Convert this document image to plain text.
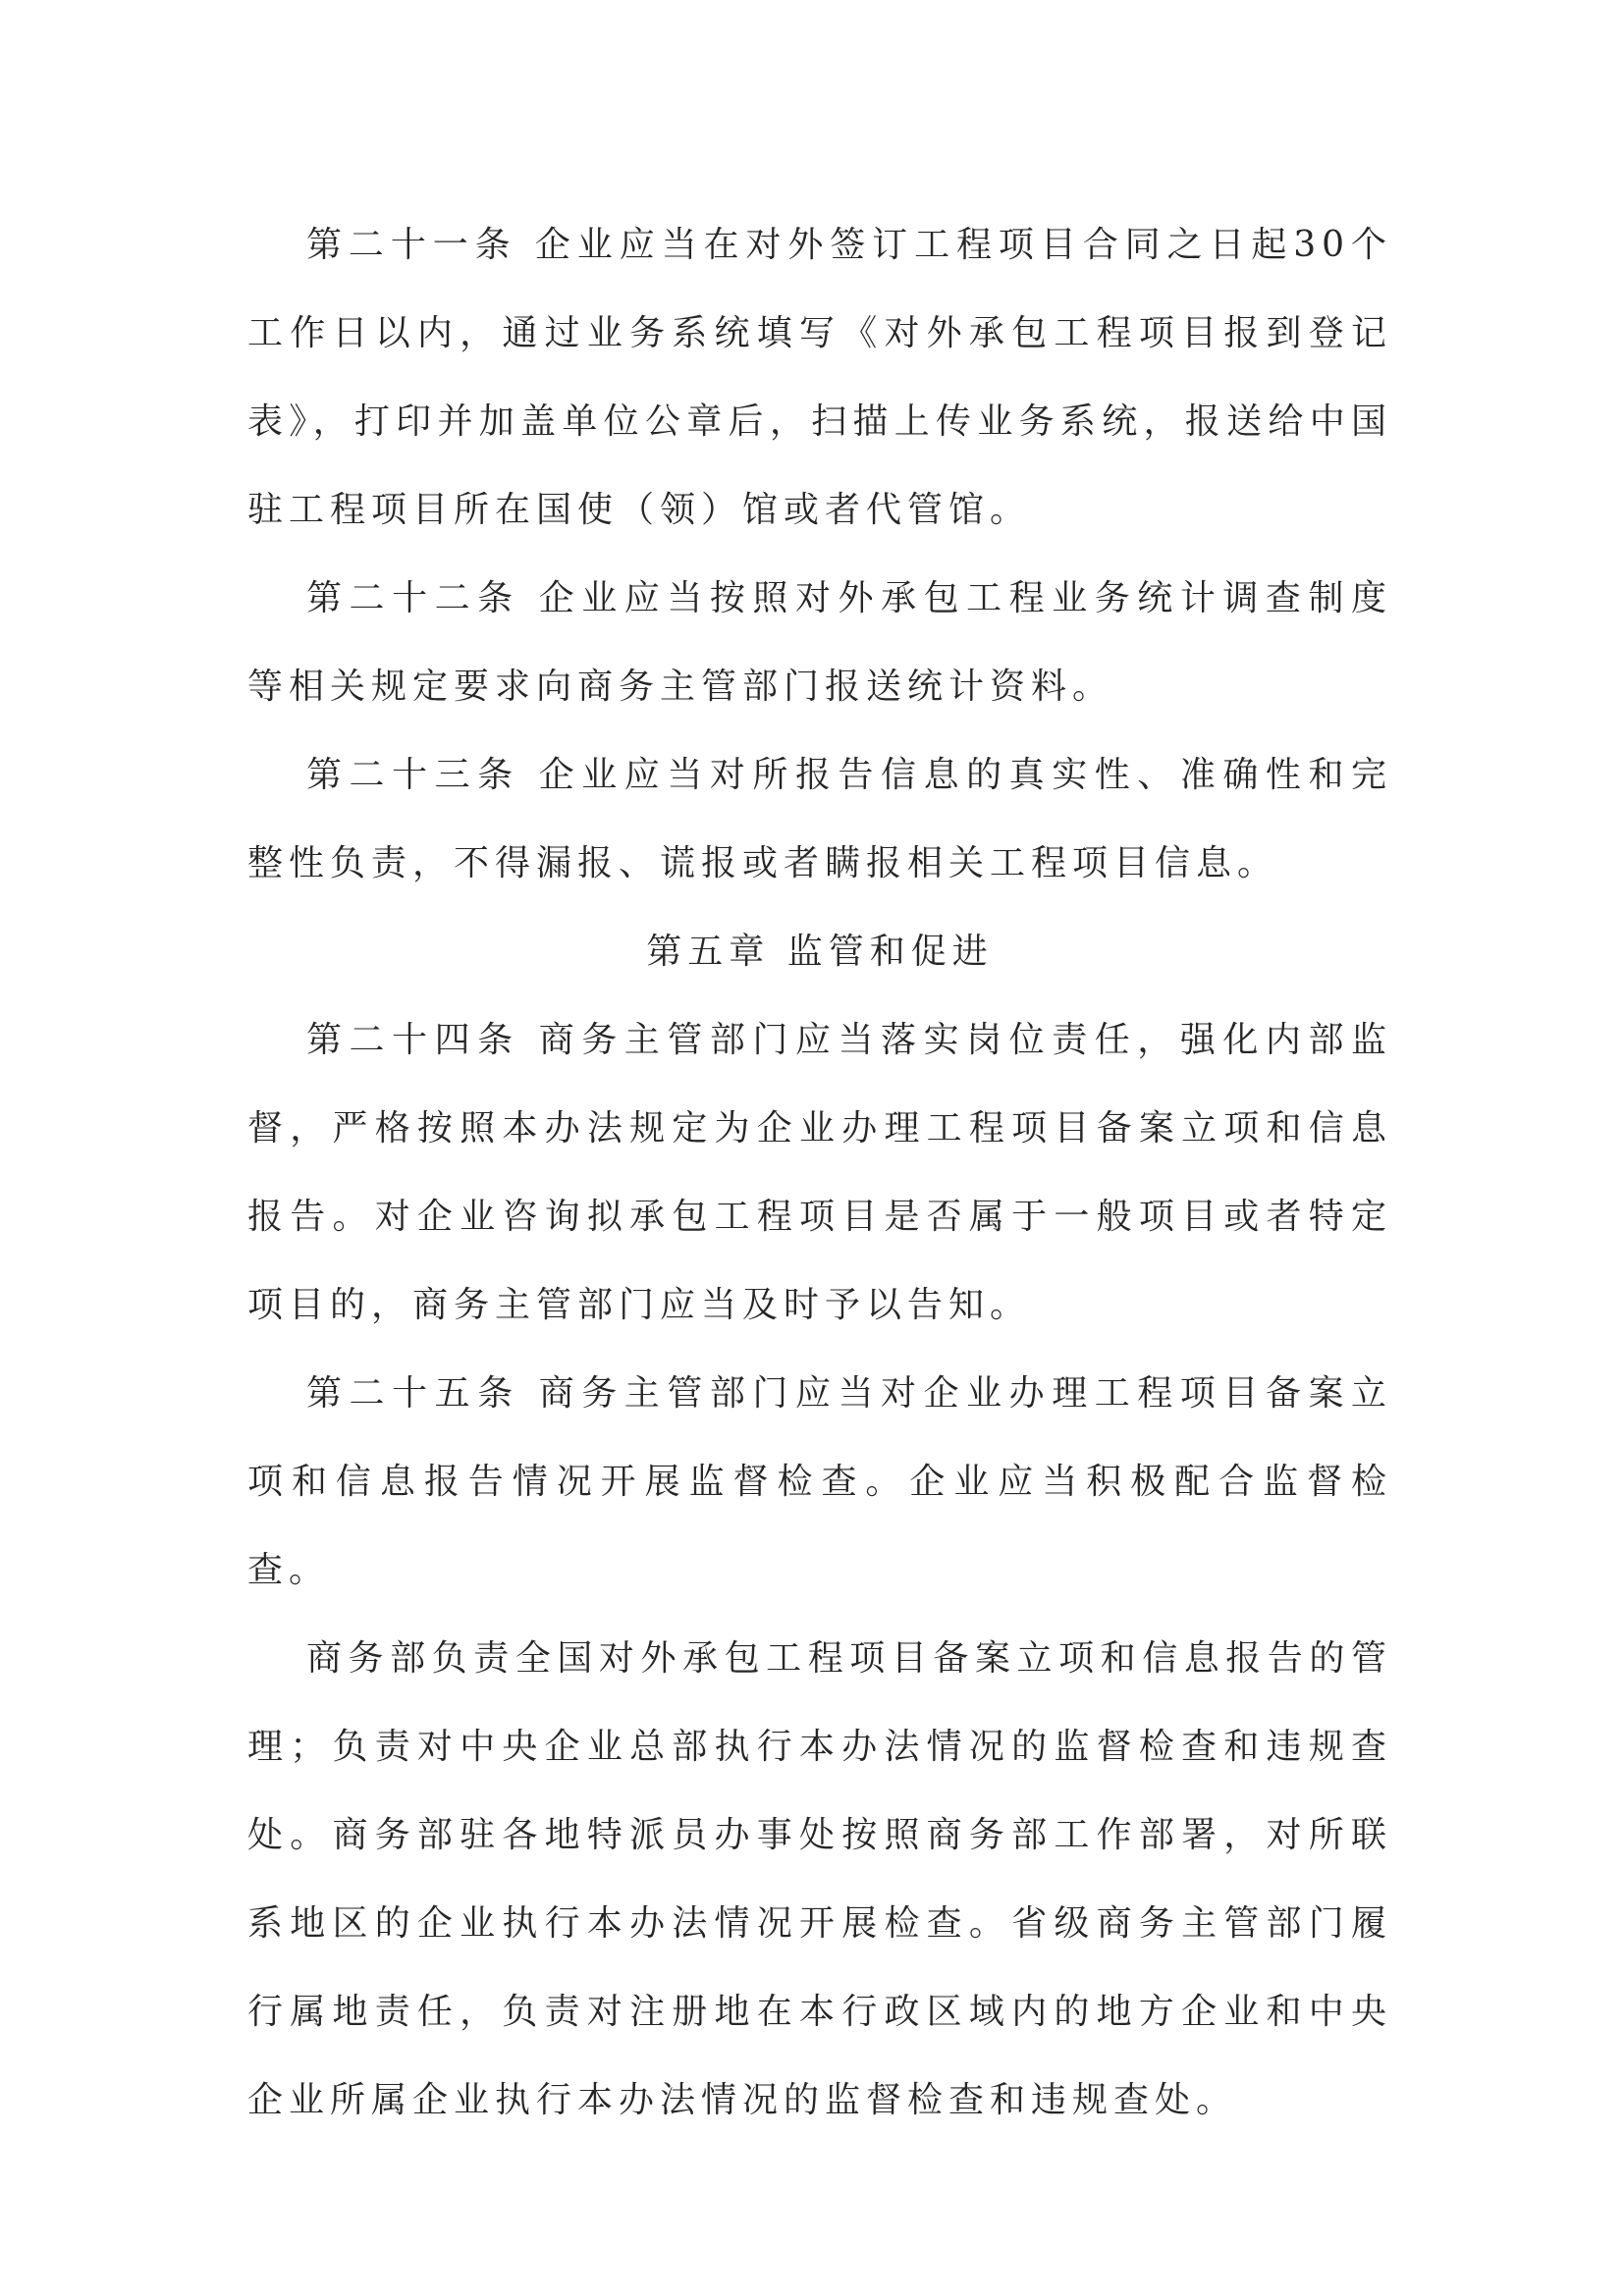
第二十一条 企业应当在对外签订工程项目合同之日起30个工作日以内，通过业务系统填写《对外承包工程项目报到登记表》，打印并加盖单位公章后，扫描上传业务系统，报送给中国驻工程项目所在国使（领）馆或者代管馆。

第二十二条 企业应当按照对外承包工程业务统计调查制度等相关规定要求向商务主管部门报送统计资料。

第二十三条 企业应当对所报告信息的真实性、准确性和完整性负责，不得漏报、谎报或者瞒报相关工程项目信息。

第五章 监管和促进

第二十四条 商务主管部门应当落实岗位责任，强化内部监督，严格按照本办法规定为企业办理工程项目备案立项和信息报告。对企业咨询拟承包工程项目是否属于一般项目或者特定项目的，商务主管部门应当及时予以告知。

第二十五条 商务主管部门应当对企业办理工程项目备案立项和信息报告情况开展监督检查。企业应当积极配合监督检查。

商务部负责全国对外承包工程项目备案立项和信息报告的管理；负责对中央企业总部执行本办法情况的监督检查和违规查处。商务部驻各地特派员办事处按照商务部工作部署，对所联系地区的企业执行本办法情况开展检查。省级商务主管部门履行属地责任，负责对注册地在本行政区域内的地方企业和中央企业所属企业执行本办法情况的监督检查和违规查处。
